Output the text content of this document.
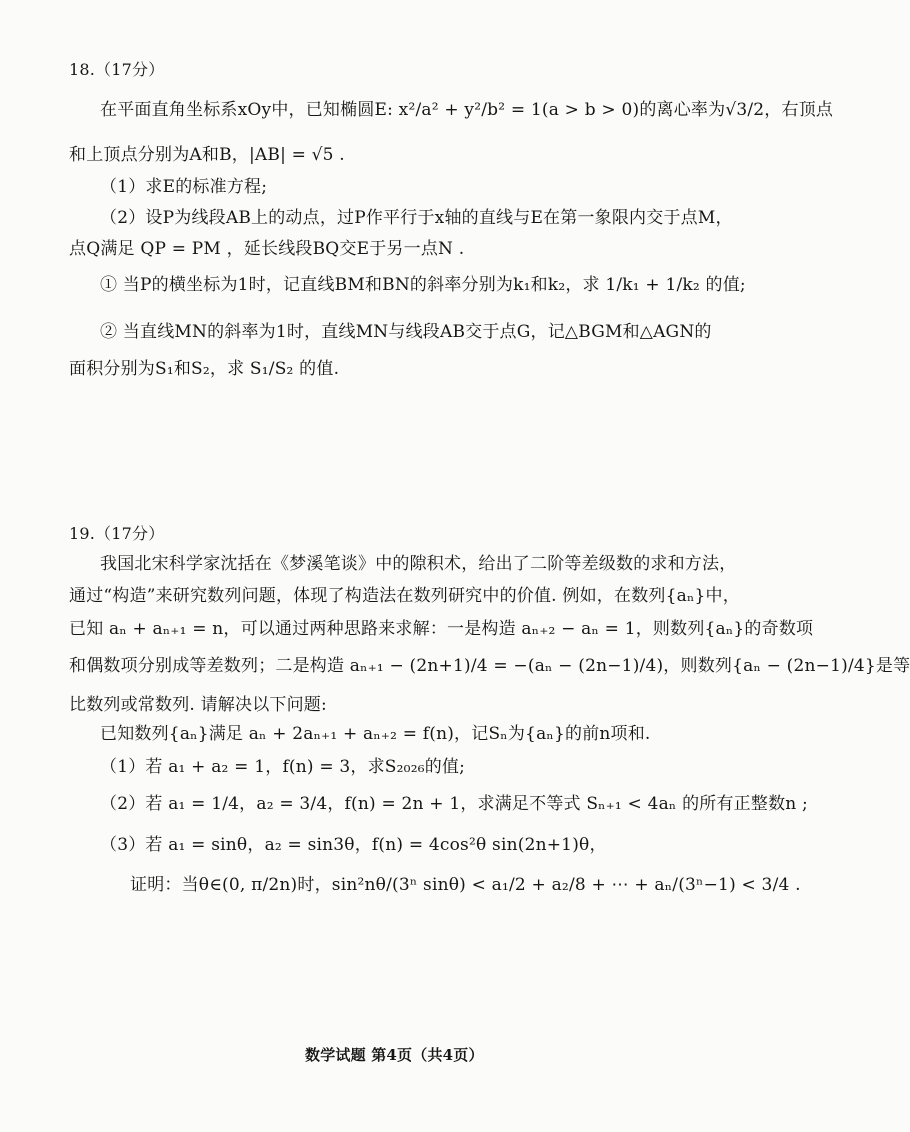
18.（17分）
在平面直角坐标系xOy中，已知椭圆E: x²/a² + y²/b² = 1(a > b > 0)的离心率为√3/2，右顶点
和上顶点分别为A和B，|AB| = √5 .
（1）求E的标准方程;
（2）设P为线段AB上的动点，过P作平行于x轴的直线与E在第一象限内交于点M，
点Q满足 QP = PM ，延长线段BQ交E于另一点N .
① 当P的横坐标为1时，记直线BM和BN的斜率分别为k₁和k₂，求 1/k₁ + 1/k₂ 的值;
② 当直线MN的斜率为1时，直线MN与线段AB交于点G，记△BGM和△AGN的
面积分别为S₁和S₂，求 S₁/S₂ 的值.
19.（17分）
我国北宋科学家沈括在《梦溪笔谈》中的隙积术，给出了二阶等差级数的求和方法，
通过“构造”来研究数列问题，体现了构造法在数列研究中的价值. 例如，在数列{aₙ}中，
已知 aₙ + aₙ₊₁ = n，可以通过两种思路来求解：一是构造 aₙ₊₂ − aₙ = 1，则数列{aₙ}的奇数项
和偶数项分别成等差数列；二是构造 aₙ₊₁ − (2n+1)/4 = −(aₙ − (2n−1)/4)，则数列{aₙ − (2n−1)/4}是等
比数列或常数列. 请解决以下问题:
已知数列{aₙ}满足 aₙ + 2aₙ₊₁ + aₙ₊₂ = f(n)，记Sₙ为{aₙ}的前n项和.
（1）若 a₁ + a₂ = 1，f(n) = 3，求S₂₀₂₆的值;
（2）若 a₁ = 1/4，a₂ = 3/4，f(n) = 2n + 1，求满足不等式 Sₙ₊₁ < 4aₙ 的所有正整数n ;
（3）若 a₁ = sinθ，a₂ = sin3θ，f(n) = 4cos²θ sin(2n+1)θ，
证明：当θ∈(0, π/2n)时，sin²nθ/(3ⁿ sinθ) < a₁/2 + a₂/8 + ⋯ + aₙ/(3ⁿ−1) < 3/4 .
数学试题 第4页（共4页）
